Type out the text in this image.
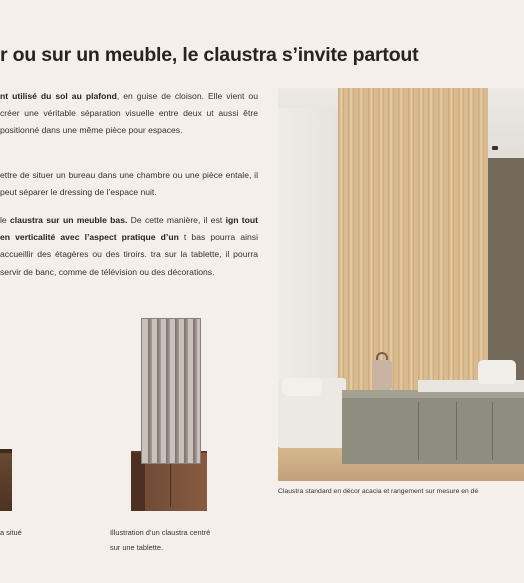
r ou sur un meuble, le claustra s’invite partout

nt utilisé du sol au plafond, en guise de cloison. Elle vient ou créer une véritable séparation visuelle entre deux ut aussi être positionné dans une même pièce pour espaces.

ettre de situer un bureau dans une chambre ou une pièce entale, il peut séparer le dressing de l’espace nuit.

le claustra sur un meuble bas. De cette manière, il est ign tout en verticalité avec l’aspect pratique d’un t bas pourra ainsi accueillir des étagères ou des tiroirs. tra sur la tablette, il pourra servir de banc, comme de télévision ou des décorations.

a situé	Illustration d’un claustra centré sur une tablette.
Claustra standard en décor acacia et rangement sur mesure en dé
